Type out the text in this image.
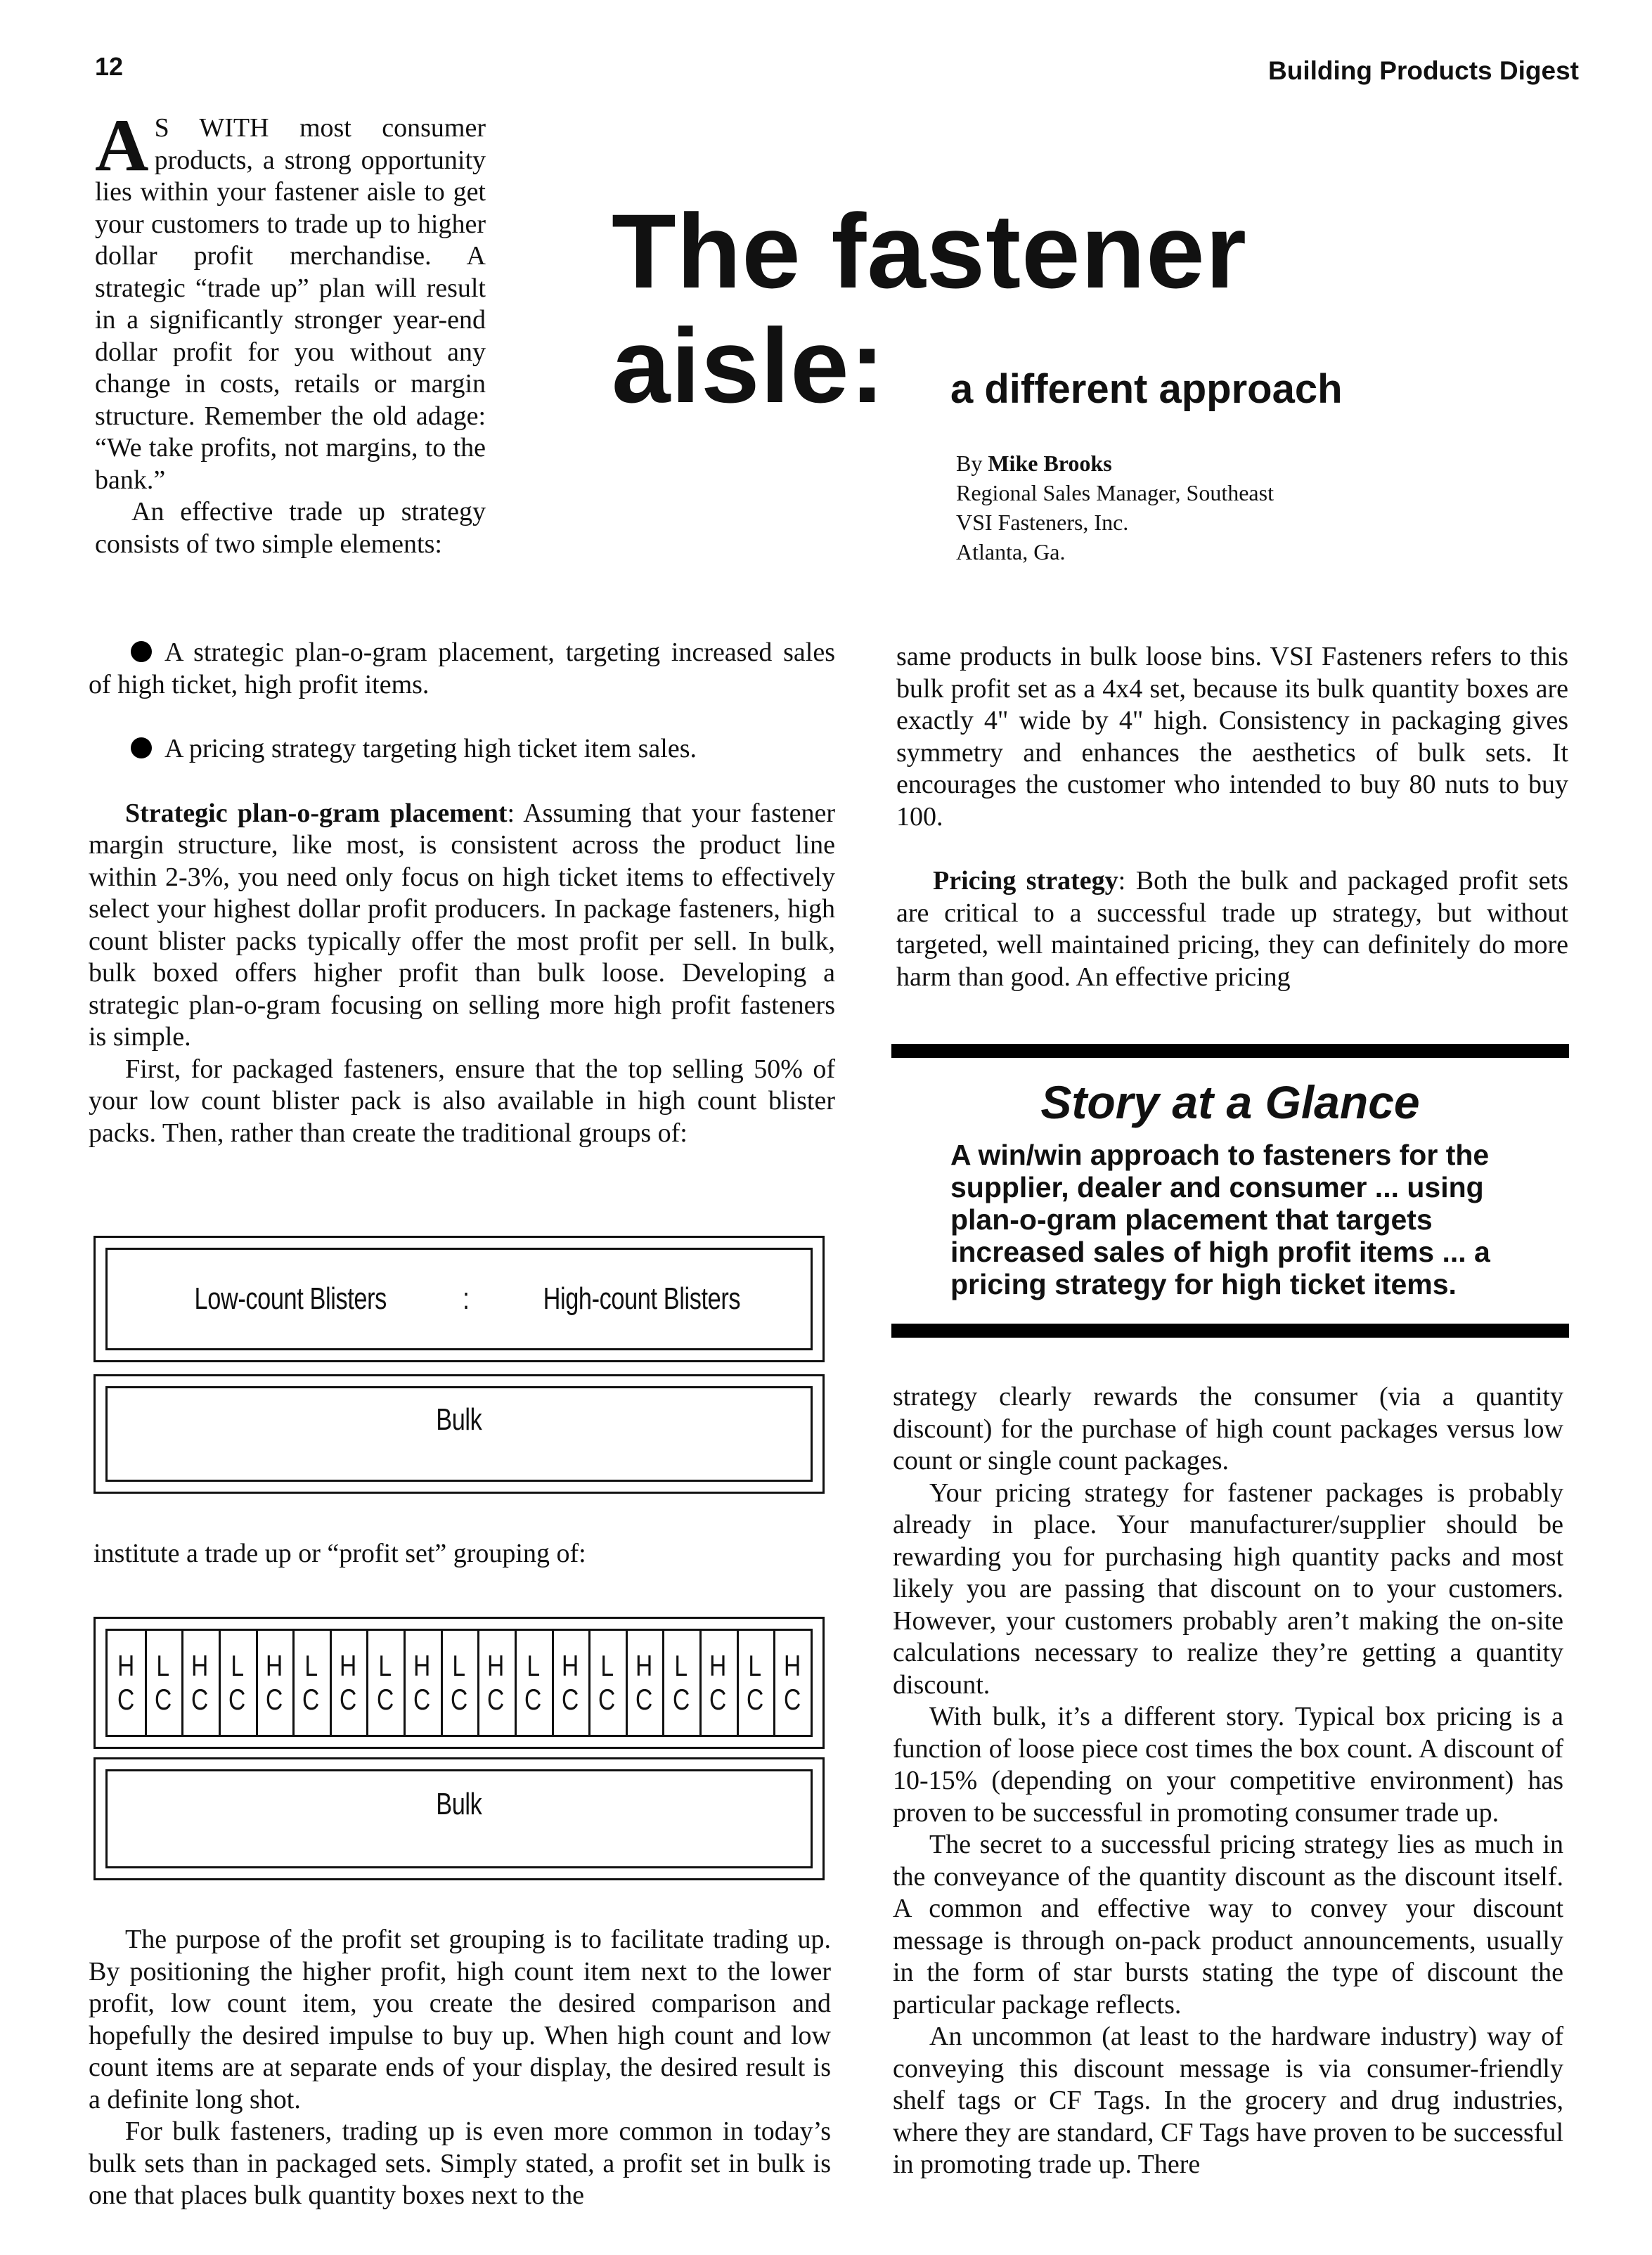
12	Building Products Digest

A S WITH most consumer products, a strong opportunity lies within your fastener aisle to get your customers to trade up to higher dollar profit merchandise. A strategic “trade up” plan will result in a significantly stronger year-end dollar profit for you without any change in costs, retails or margin structure. Remember the old adage: “We take profits, not margins, to the bank.”

An effective trade up strategy consists of two simple elements:

The fastener
aisle: a different approach
By Mike Brooks
Regional Sales Manager, Southeast
VSI Fasteners, Inc.
Atlanta, Ga.

A strategic plan-o-gram placement, targeting increased sales of high ticket, high profit items.

A pricing strategy targeting high ticket item sales.

Strategic plan-o-gram placement: Assuming that your fastener margin structure, like most, is consistent across the product line within 2-3%, you need only focus on high ticket items to effectively select your highest dollar profit producers. In package fasteners, high count blister packs typically offer the most profit per sell. In bulk, bulk boxed offers higher profit than bulk loose. Developing a strategic plan-o-gram focusing on selling more high profit fasteners is simple.

First, for packaged fasteners, ensure that the top selling 50% of your low count blister pack is also available in high count blister packs. Then, rather than create the traditional groups of:

Low-count Blisters	:	High-count Blisters
Bulk
institute a trade up or “profit set” grouping of:
H
C
L
C
H
C
L
C
H
C
L
C
H
C
L
C
H
C
L
C
H
C
L
C
H
C
L
C
H
C
L
C
H
C
L
C
H
C
Bulk

The purpose of the profit set grouping is to facilitate trading up. By positioning the higher profit, high count item next to the lower profit, low count item, you create the desired comparison and hopefully the desired impulse to buy up. When high count and low count items are at separate ends of your display, the desired result is a definite long shot.

For bulk fasteners, trading up is even more common in today’s bulk sets than in packaged sets. Simply stated, a profit set in bulk is one that places bulk quantity boxes next to the

same products in bulk loose bins. VSI Fasteners refers to this bulk profit set as a 4x4 set, because its bulk quantity boxes are exactly 4" wide by 4" high. Consistency in packaging gives symmetry and enhances the aesthetics of bulk sets. It encourages the customer who intended to buy 80 nuts to buy 100.

Pricing strategy: Both the bulk and packaged profit sets are critical to a successful trade up strategy, but without targeted, well maintained pricing, they can definitely do more harm than good. An effective pricing

Story at a Glance
A win/win approach to fasteners for the supplier, dealer and consumer ... using plan-o-gram placement that targets increased sales of high profit items ... a pricing strategy for high ticket items.

strategy clearly rewards the consumer (via a quantity discount) for the purchase of high count packages versus low count or single count packages.

Your pricing strategy for fastener packages is probably already in place. Your manufacturer/supplier should be rewarding you for purchasing high quantity packs and most likely you are passing that discount on to your customers. However, your customers probably aren’t making the on-site calculations necessary to realize they’re getting a quantity discount.

With bulk, it’s a different story. Typical box pricing is a function of loose piece cost times the box count. A discount of 10-15% (depending on your competitive environment) has proven to be successful in promoting consumer trade up.

The secret to a successful pricing strategy lies as much in the conveyance of the quantity discount as the discount itself. A common and effective way to convey your discount message is through on-pack product announcements, usually in the form of star bursts stating the type of discount the particular package reflects.

An uncommon (at least to the hardware industry) way of conveying this discount message is via consumer-friendly shelf tags or CF Tags. In the grocery and drug industries, where they are standard, CF Tags have proven to be successful in promoting trade up. There
